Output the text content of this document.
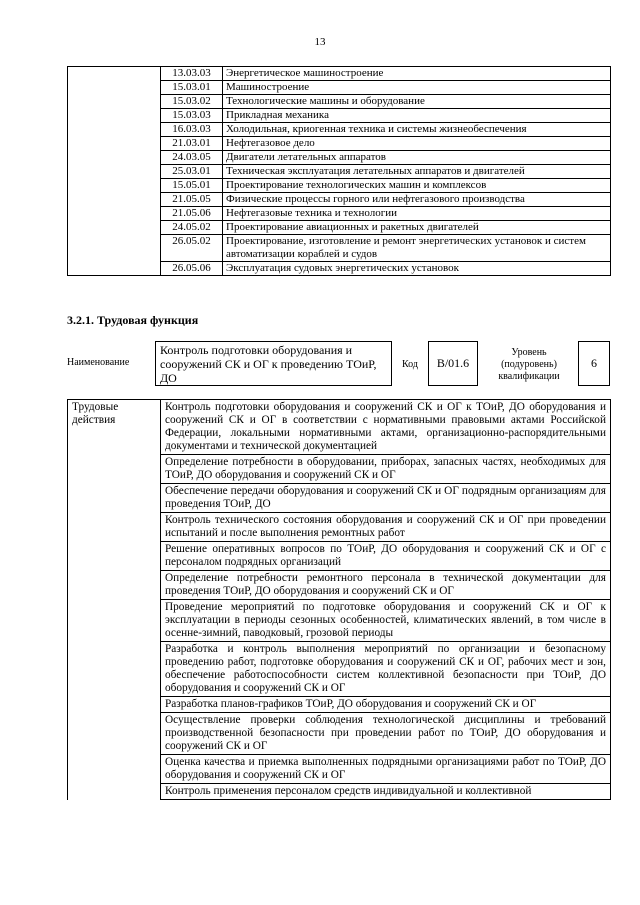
13
	13.03.03	Энергетическое машиностроение
	15.03.01	Машиностроение
	15.03.02	Технологические машины и оборудование
	15.03.03	Прикладная механика
	16.03.03	Холодильная, криогенная техника и системы жизнеобеспечения
	21.03.01	Нефтегазовое дело
	24.03.05	Двигатели летательных аппаратов
	25.03.01	Техническая эксплуатация летательных аппаратов и двигателей
	15.05.01	Проектирование технологических машин и комплексов
	21.05.05	Физические процессы горного или нефтегазового производства
	21.05.06	Нефтегазовые техника и технологии
	24.05.02	Проектирование авиационных и ракетных двигателей
	26.05.02	Проектирование, изготовление и ремонт энергетических установок и систем автоматизации кораблей и судов
	26.05.06	Эксплуатация судовых энергетических установок
3.2.1. Трудовая функция
Наименование
Контроль подготовки оборудования и сооружений СК и ОГ к проведению ТОиР, ДО
Код	В/01.6
Уровень (подуровень) квалификации
6
Трудовые действия	Контроль подготовки оборудования и сооружений СК и ОГ к ТОиР, ДО оборудования и сооружений СК и ОГ в соответствии с нормативными правовыми актами Российской Федерации, локальными нормативными актами, организационно-распорядительными документами и технической документацией
Определение потребности в оборудовании, приборах, запасных частях, необходимых для ТОиР, ДО оборудования и сооружений СК и ОГ
Обеспечение передачи оборудования и сооружений СК и ОГ подрядным организациям для проведения ТОиР, ДО
Контроль технического состояния оборудования и сооружений СК и ОГ при проведении испытаний и после выполнения ремонтных работ
Решение оперативных вопросов по ТОиР, ДО оборудования и сооружений СК и ОГ с персоналом подрядных организаций
Определение потребности ремонтного персонала в технической документации для проведения ТОиР, ДО оборудования и сооружений СК и ОГ
Проведение мероприятий по подготовке оборудования и сооружений СК и ОГ к эксплуатации в периоды сезонных особенностей, климатических явлений, в том числе в осенне-зимний, паводковый, грозовой периоды
Разработка и контроль выполнения мероприятий по организации и безопасному проведению работ, подготовке оборудования и сооружений СК и ОГ, рабочих мест и зон, обеспечение работоспособности систем коллективной безопасности при ТОиР, ДО оборудования и сооружений СК и ОГ
Разработка планов-графиков ТОиР, ДО оборудования и сооружений СК и ОГ
Осуществление проверки соблюдения технологической дисциплины и требований производственной безопасности при проведении работ по ТОиР, ДО оборудования и сооружений СК и ОГ
Оценка качества и приемка выполненных подрядными организациями работ по ТОиР, ДО оборудования и сооружений СК и ОГ
Контроль применения персоналом средств индивидуальной и коллективной
